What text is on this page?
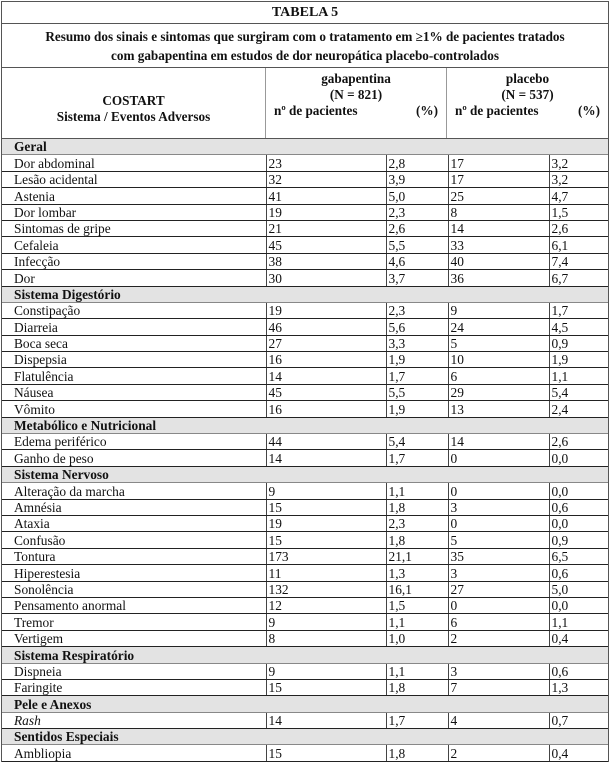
TABELA 5
Resumo dos sinais e sintomas que surgiram com o tratamento em ≥1% de pacientes tratados
com gabapentina em estudos de dor neuropática placebo-controlados
COSTART
Sistema / Eventos Adversos
gabapentina
(N = 821)
nº de pacientes	(%)
placebo
(N = 537)
nº de pacientes	(%)
Geral				
Dor abdominal	23	2,8	17	3,2
Lesão acidental	32	3,9	17	3,2
Astenia	41	5,0	25	4,7
Dor lombar	19	2,3	8	1,5
Sintomas de gripe	21	2,6	14	2,6
Cefaleia	45	5,5	33	6,1
Infecção	38	4,6	40	7,4
Dor	30	3,7	36	6,7
Sistema Digestório				
Constipação	19	2,3	9	1,7
Diarreia	46	5,6	24	4,5
Boca seca	27	3,3	5	0,9
Dispepsia	16	1,9	10	1,9
Flatulência	14	1,7	6	1,1
Náusea	45	5,5	29	5,4
Vômito	16	1,9	13	2,4
Metabólico e Nutricional				
Edema periférico	44	5,4	14	2,6
Ganho de peso	14	1,7	0	0,0
Sistema Nervoso				
Alteração da marcha	9	1,1	0	0,0
Amnésia	15	1,8	3	0,6
Ataxia	19	2,3	0	0,0
Confusão	15	1,8	5	0,9
Tontura	173	21,1	35	6,5
Hiperestesia	11	1,3	3	0,6
Sonolência	132	16,1	27	5,0
Pensamento anormal	12	1,5	0	0,0
Tremor	9	1,1	6	1,1
Vertigem	8	1,0	2	0,4
Sistema Respiratório				
Dispneia	9	1,1	3	0,6
Faringite	15	1,8	7	1,3
Pele e Anexos				
Rash	14	1,7	4	0,7
Sentidos Especiais				
Ambliopia	15	1,8	2	0,4
